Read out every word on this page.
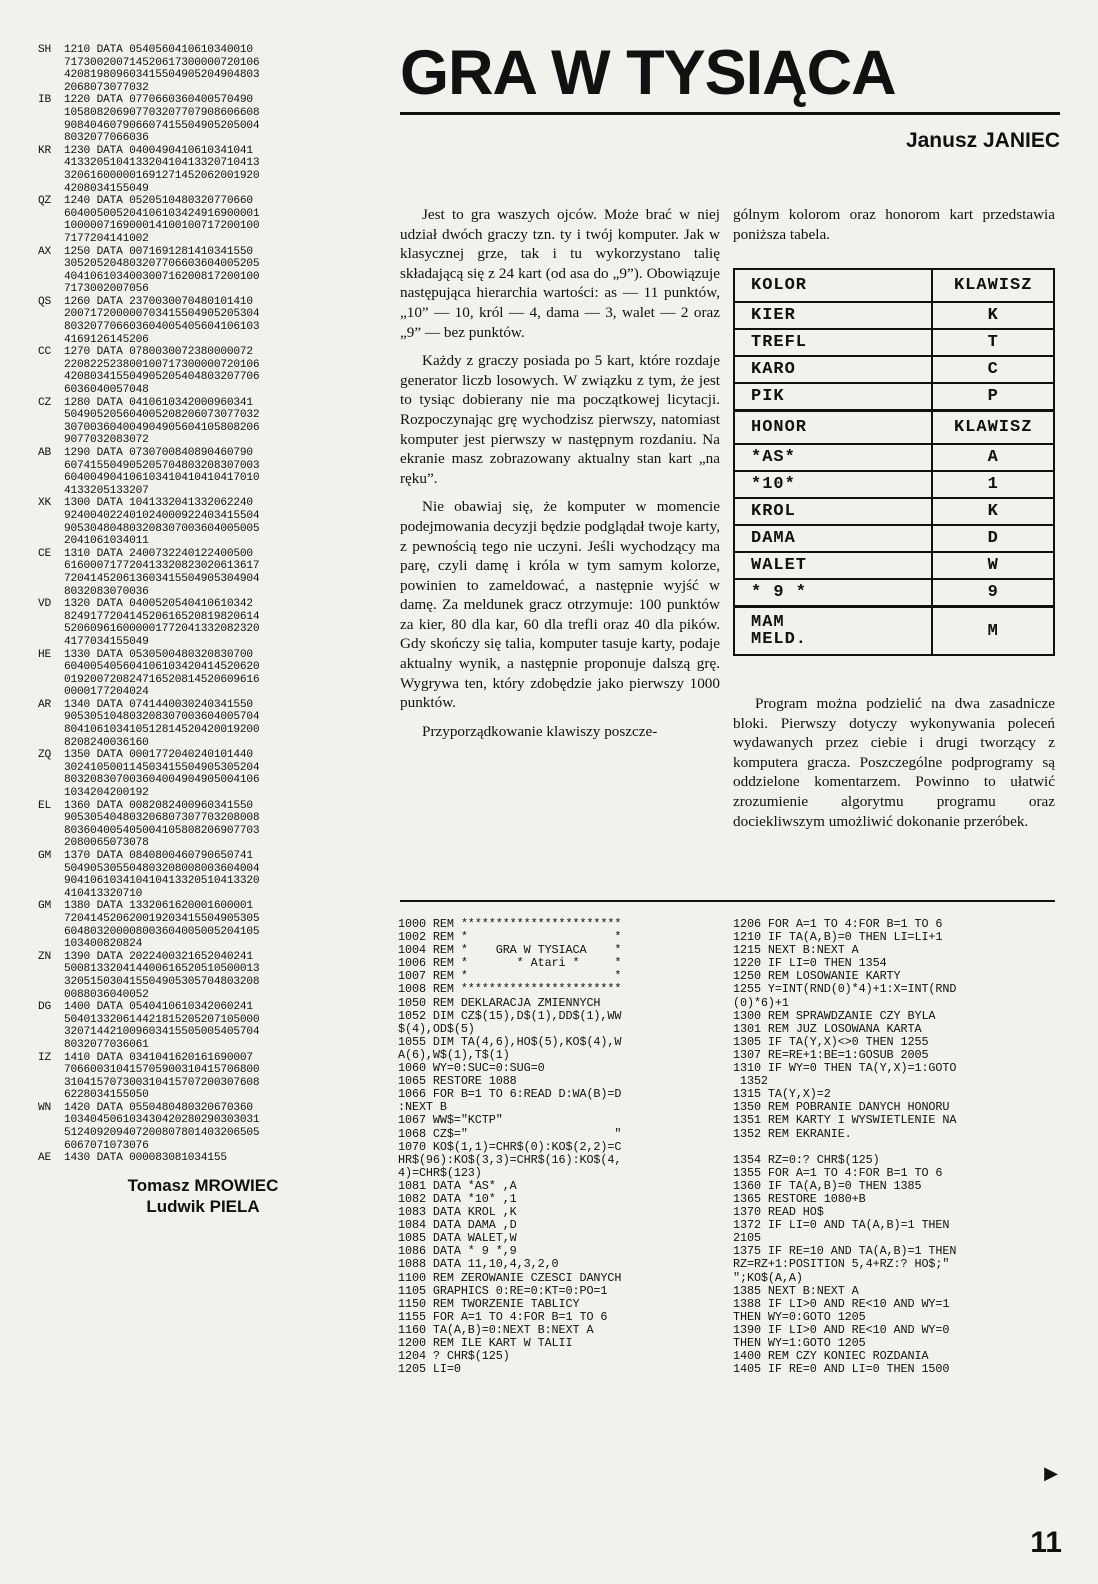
SH 1210 DATA 0540560410610340010
717300200714520617300000720106
420819809603415504905204904803
2068073077032
IB 1220 DATA 0770660360400570490
105808206907703207707908606608
908404607906607415504905205004
8032077066036
KR 1230 DATA 0400490410610341041
413320510413320410413320710413
320616000001691271452062001920
4208034155049
QZ 1240 DATA 0520510480320770660
604005005204106103424916900001
100000716900014100100717200100
7177204141002
AX 1250 DATA 0071691281410341550
305205204803207706603604005205
404106103400300716200817200100
7173002007056
QS 1260 DATA 2370030070480101410
200717200000703415504905205304
803207706603604005405604106103
4169126145206
CC 1270 DATA 0780030072380000072
220822523800100717300000720106
420803415504905205404803207706
6036040057048
CZ 1280 DATA 0410610342000960341
504905205604005208206073077032
307003604004904905604105808206
9077032083072
AB 1290 DATA 0730700840890460790
607415504905205704803208307003
604004904106103410410410417010
4133205133207
XK 1300 DATA 1041332041332062240
924004022401024000922403415504
905304804803208307003604005005
2041061034011
CE 1310 DATA 2400732240122400500
616000717720413320823020613617
720414520613603415504905304904
8032083070036
VD 1320 DATA 0400520540410610342
824917720414520616520819820614
520609616000001772041332082320
4177034155049
HE 1330 DATA 0530500480320830700
604005405604106103420414520620
019200720824716520814520609616
0000177204024
AR 1340 DATA 0741440030240341550
905305104803208307003604005704
804106103410512814520420019200
8208240036160
ZQ 1350 DATA 0001772040240101440
302410500114503415504905305204
803208307003604004904905004106
1034204200192
EL 1360 DATA 0082082400960341550
905305404803206807307703208008
803604005405004105808206907703
2080065073078
GM 1370 DATA 0840800460790650741
504905305504803208008003604004
904106103410410413320510413320
410413320710
GM 1380 DATA 1332061620001600001
720414520620019203415504905305
604803200008003604005005204105
103400820824
ZN 1390 DATA 2022400321652040241
500813320414400616520510500013
320515030415504905305704803208
0088036040052
DG 1400 DATA 0540410610342060241
504013320614421815205207105000
320714421009603415505005405704
8032077036061
IZ 1410 DATA 0341041620161690007
706600310415705900310415706800
310415707300310415707200307608
6228034155050
WN 1420 DATA 0550480480320670360
103404506103430420280290303031
512409209407200807801403206505
6067071073076
AE 1430 DATA 000083081034155
Tomasz MROWIEC
Ludwik PIELA
GRA W TYSIĄCA
Janusz JANIEC

Jest to gra waszych ojców. Może brać w niej udział dwóch graczy tzn. ty i twój komputer. Jak w klasycznej grze, tak i tu wykorzystano talię składającą się z 24 kart (od asa do „9”). Obowiązuje następująca hierarchia wartości: as — 11 punktów, „10” — 10, król — 4, dama — 3, walet — 2 oraz „9” — bez punktów.

Każdy z graczy posiada po 5 kart, które rozdaje generator liczb losowych. W związku z tym, że jest to tysiąc dobierany nie ma początkowej licytacji. Rozpoczynając grę wychodzisz pierwszy, natomiast komputer jest pierwszy w następnym rozdaniu. Na ekranie masz zobrazowany aktualny stan kart „na ręku”.

Nie obawiaj się, że komputer w momencie podejmowania decyzji będzie podglądał twoje karty, z pewnością tego nie uczyni. Jeśli wychodzący ma parę, czyli damę i króla w tym samym kolorze, powinien to zameldować, a następnie wyjść w damę. Za meldunek gracz otrzymuje: 100 punktów za kier, 80 dla kar, 60 dla trefli oraz 40 dla pików. Gdy skończy się talia, komputer tasuje karty, podaje aktualny wynik, a następnie proponuje dalszą grę. Wygrywa ten, który zdobędzie jako pierwszy 1000 punktów.

Przyporządkowanie klawiszy poszcze-

gólnym kolorom oraz honorom kart przedstawia poniższa tabela.

KOLOR	KLAWISZ
KIER	K
TREFL	T
KARO	C
PIK	P
HONOR	KLAWISZ
*AS*	A
*10*	1
KROL	K
DAMA	D
WALET	W
* 9 *	9
MAM
MELD.	M

Program można podzielić na dwa zasadnicze bloki. Pierwszy dotyczy wykonywania poleceń wydawanych przez ciebie i drugi tworzący z komputera gracza. Poszczególne podprogramy są oddzielone komentarzem. Powinno to ułatwić zrozumienie algorytmu programu oraz dociekliwszym umożliwić dokonanie przeróbek.

1000 REM ***********************
1002 REM *                     *
1004 REM *    GRA W TYSIACA    *
1006 REM *       * Atari *     *
1007 REM *                     *
1008 REM ***********************
1050 REM DEKLARACJA ZMIENNYCH
1052 DIM CZ$(15),D$(1),DD$(1),WW
$(4),OD$(5)
1055 DIM TA(4,6),HO$(5),KO$(4),W
A(6),W$(1),T$(1)
1060 WY=0:SUC=0:SUG=0
1065 RESTORE 1088
1066 FOR B=1 TO 6:READ D:WA(B)=D
:NEXT B
1067 WW$="KCTP"
1068 CZ$="                     "
1070 KO$(1,1)=CHR$(0):KO$(2,2)=C
HR$(96):KO$(3,3)=CHR$(16):KO$(4,
4)=CHR$(123)
1081 DATA *AS* ,A
1082 DATA *10* ,1
1083 DATA KROL ,K
1084 DATA DAMA ,D
1085 DATA WALET,W
1086 DATA * 9 *,9
1088 DATA 11,10,4,3,2,0
1100 REM ZEROWANIE CZESCI DANYCH
1105 GRAPHICS 0:RE=0:KT=0:PO=1
1150 REM TWORZENIE TABLICY
1155 FOR A=1 TO 4:FOR B=1 TO 6
1160 TA(A,B)=0:NEXT B:NEXT A
1200 REM ILE KART W TALII
1204 ? CHR$(125)
1205 LI=0
1206 FOR A=1 TO 4:FOR B=1 TO 6
1210 IF TA(A,B)=0 THEN LI=LI+1
1215 NEXT B:NEXT A
1220 IF LI=0 THEN 1354
1250 REM LOSOWANIE KARTY
1255 Y=INT(RND(0)*4)+1:X=INT(RND
(0)*6)+1
1300 REM SPRAWDZANIE CZY BYLA
1301 REM JUZ LOSOWANA KARTA
1305 IF TA(Y,X)<>0 THEN 1255
1307 RE=RE+1:BE=1:GOSUB 2005
1310 IF WY=0 THEN TA(Y,X)=1:GOTO
1352
1315 TA(Y,X)=2
1350 REM POBRANIE DANYCH HONORU
1351 REM KARTY I WYSWIETLENIE NA
1352 REM EKRANIE.

1354 RZ=0:? CHR$(125)
1355 FOR A=1 TO 4:FOR B=1 TO 6
1360 IF TA(A,B)=0 THEN 1385
1365 RESTORE 1080+B
1370 READ HO$
1372 IF LI=0 AND TA(A,B)=1 THEN
2105
1375 IF RE=10 AND TA(A,B)=1 THEN
RZ=RZ+1:POSITION 5,4+RZ:? HO$;"
";KO$(A,A)
1385 NEXT B:NEXT A
1388 IF LI>0 AND RE<10 AND WY=1
THEN WY=0:GOTO 1205
1390 IF LI>0 AND RE<10 AND WY=0
THEN WY=1:GOTO 1205
1400 REM CZY KONIEC ROZDANIA
1405 IF RE=0 AND LI=0 THEN 1500
▶
11
